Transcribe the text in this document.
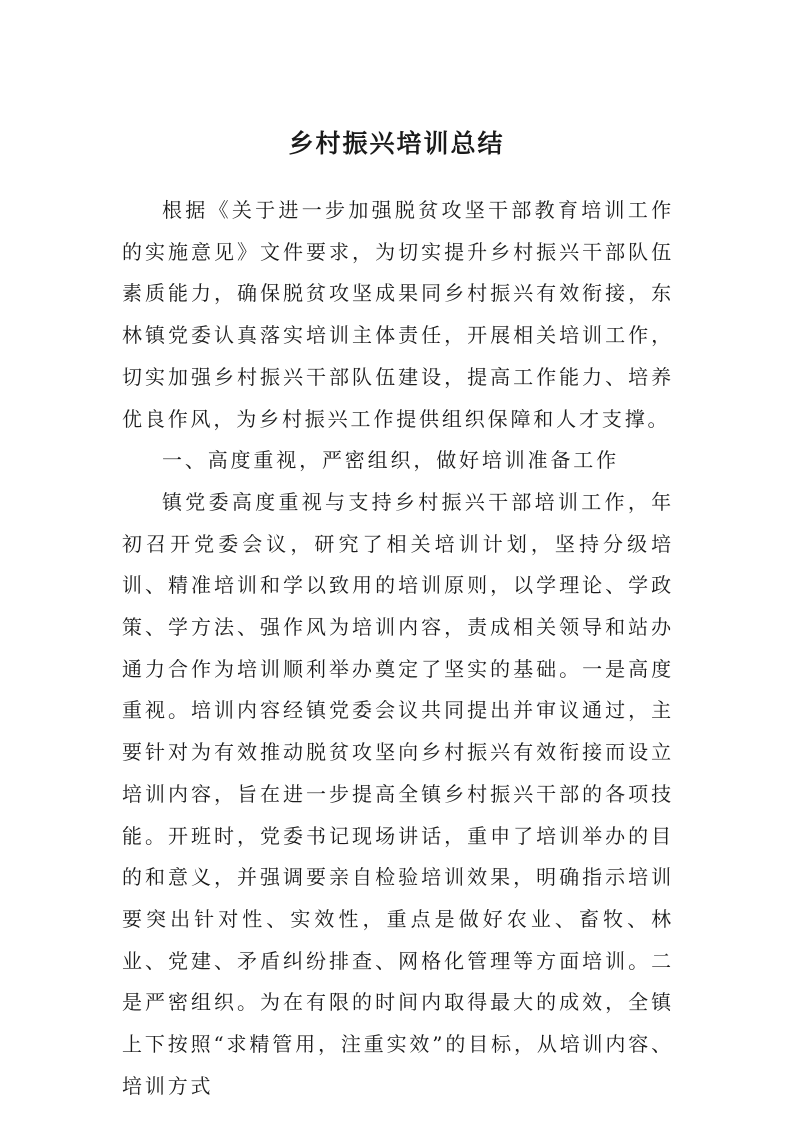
乡村振兴培训总结

根据《关于进一步加强脱贫攻坚干部教育培训工作的实施意见》文件要求，为切实提升乡村振兴干部队伍素质能力，确保脱贫攻坚成果同乡村振兴有效衔接，东林镇党委认真落实培训主体责任，开展相关培训工作，切实加强乡村振兴干部队伍建设，提高工作能力、培养优良作风，为乡村振兴工作提供组织保障和人才支撑。

一、高度重视，严密组织，做好培训准备工作

镇党委高度重视与支持乡村振兴干部培训工作，年初召开党委会议，研究了相关培训计划，坚持分级培训、精准培训和学以致用的培训原则，以学理论、学政策、学方法、强作风为培训内容，责成相关领导和站办通力合作为培训顺利举办奠定了坚实的基础。一是高度重视。培训内容经镇党委会议共同提出并审议通过，主要针对为有效推动脱贫攻坚向乡村振兴有效衔接而设立培训内容，旨在进一步提高全镇乡村振兴干部的各项技能。开班时，党委书记现场讲话，重申了培训举办的目的和意义，并强调要亲自检验培训效果，明确指示培训要突出针对性、实效性，重点是做好农业、畜牧、林业、党建、矛盾纠纷排查、网格化管理等方面培训。二是严密组织。为在有限的时间内取得最大的成效，全镇上下按照“求精管用，注重实效”的目标，从培训内容、培训方式
